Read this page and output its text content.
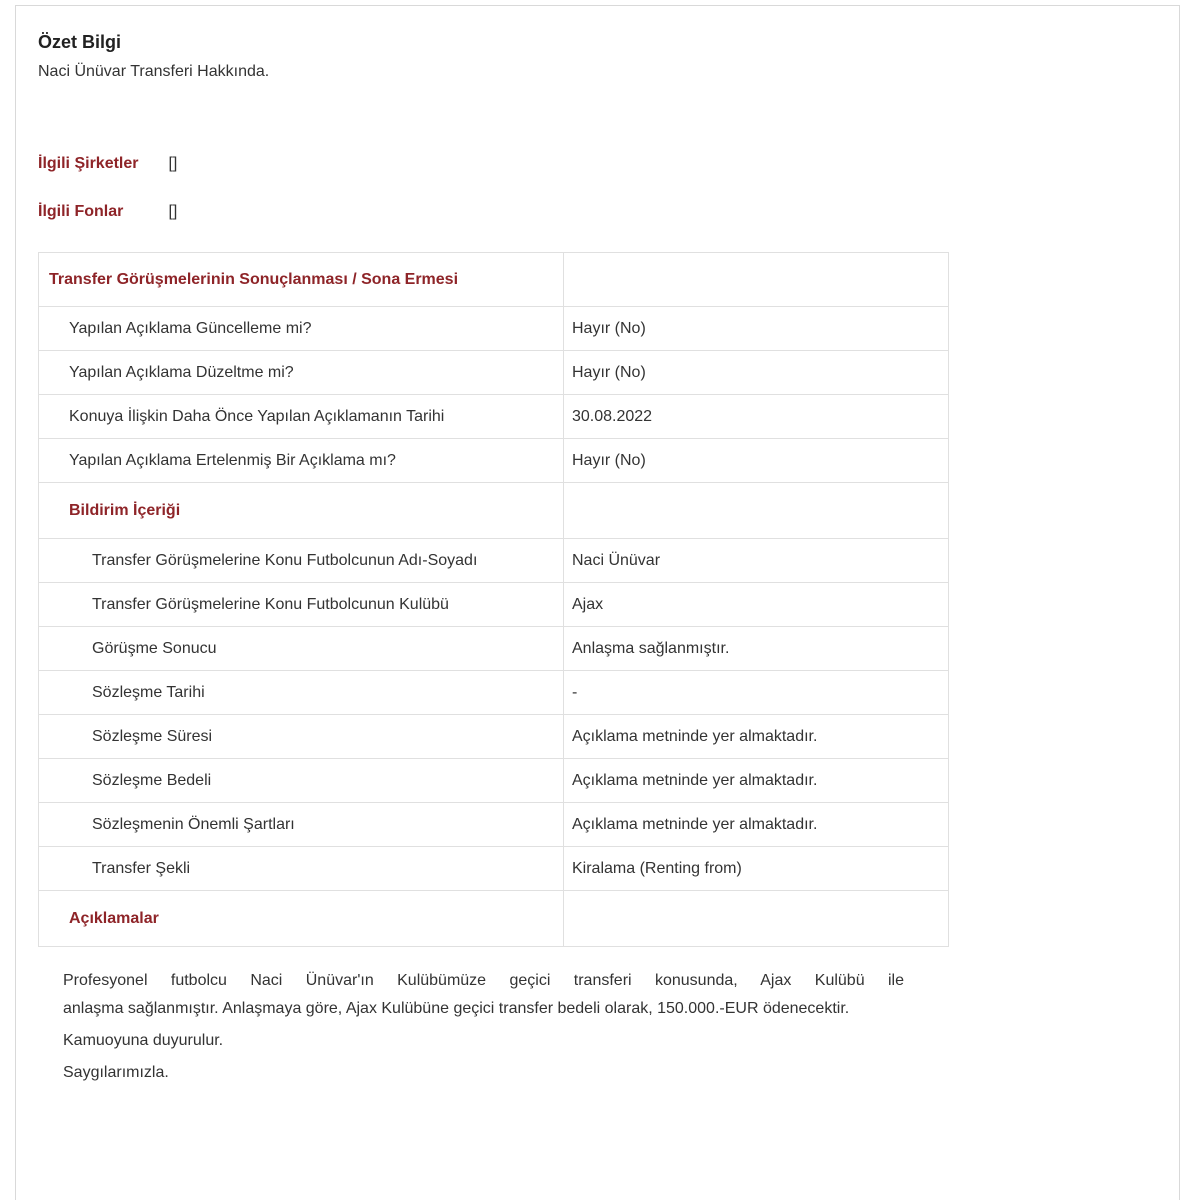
Özet Bilgi

Naci Ünüvar Transferi Hakkında.

İlgili Şirketler []
İlgili Fonlar	[]
Transfer Görüşmelerinin Sonuçlanması / Sona Ermesi	
Yapılan Açıklama Güncelleme mi?	Hayır (No)
Yapılan Açıklama Düzeltme mi?	Hayır (No)
Konuya İlişkin Daha Önce Yapılan Açıklamanın Tarihi	30.08.2022
Yapılan Açıklama Ertelenmiş Bir Açıklama mı?	Hayır (No)
Bildirim İçeriği	
Transfer Görüşmelerine Konu Futbolcunun Adı-Soyadı	Naci Ünüvar
Transfer Görüşmelerine Konu Futbolcunun Kulübü	Ajax
Görüşme Sonucu	Anlaşma sağlanmıştır.
Sözleşme Tarihi	-
Sözleşme Süresi	Açıklama metninde yer almaktadır.
Sözleşme Bedeli	Açıklama metninde yer almaktadır.
Sözleşmenin Önemli Şartları	Açıklama metninde yer almaktadır.
Transfer Şekli	Kiralama (Renting from)
Açıklamalar	
Profesyonel futbolcu Naci Ünüvar'ın Kulübümüze geçici transferi konusunda, Ajax Kulübü ile
anlaşma sağlanmıştır. Anlaşmaya göre, Ajax Kulübüne geçici transfer bedeli olarak, 150.000.-EUR ödenecektir.
Kamuoyuna duyurulur.
Saygılarımızla.
